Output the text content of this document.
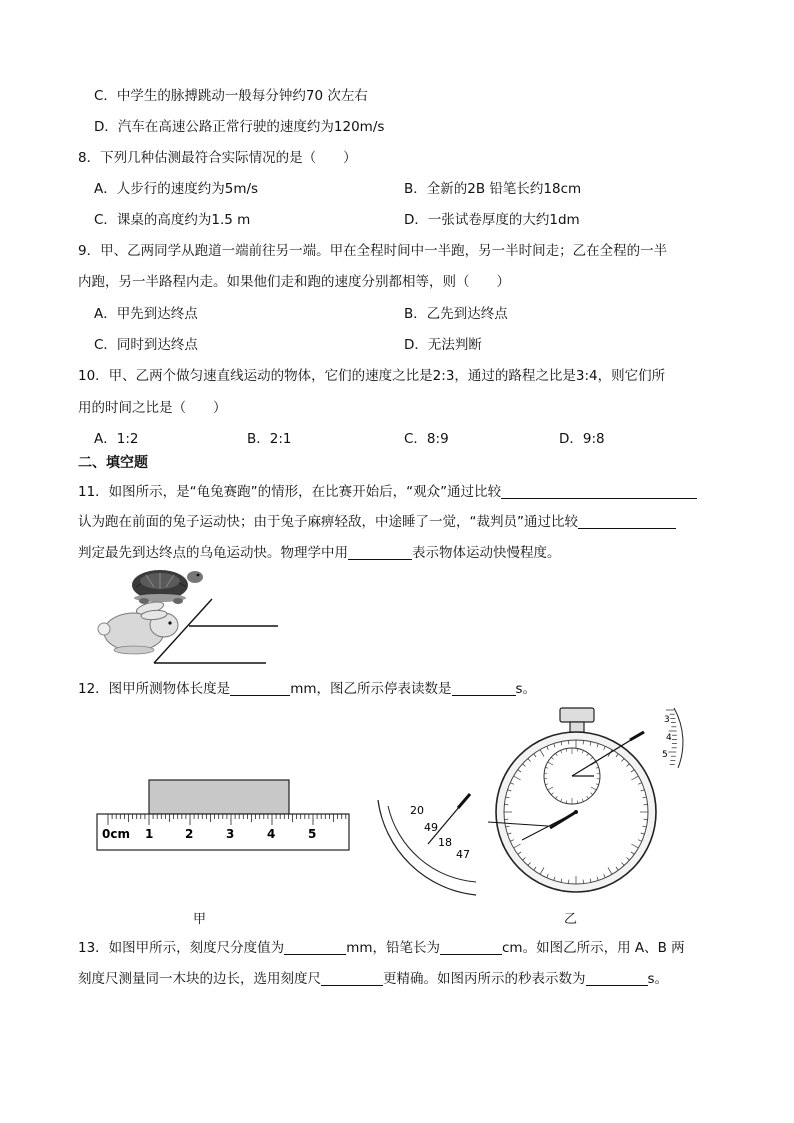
C．中学生的脉搏跳动一般每分钟约70 次左右
D．汽车在高速公路正常行驶的速度约为120m/s
8．下列几种估测最符合实际情况的是（　　）
A．人步行的速度约为5m/s	B．全新的2B 铅笔长约18cm
C．课桌的高度约为1.5 m	D．一张试卷厚度的大约1dm
9．甲、乙两同学从跑道一端前往另一端。甲在全程时间中一半跑，另一半时间走；乙在全程的一半
内跑，另一半路程内走。如果他们走和跑的速度分别都相等，则（　　）
A．甲先到达终点	B．乙先到达终点
C．同时到达终点	D．无法判断
10．甲、乙两个做匀速直线运动的物体，它们的速度之比是2:3，通过的路程之比是3:4，则它们所
用的时间之比是（　　）
A．1:2	B．2:1	C．8:9	D．9:8
二、填空题
11．如图所示，是“龟兔赛跑”的情形，在比赛开始后，“观众”通过比较
认为跑在前面的兔子运动快；由于兔子麻痹轻敌，中途睡了一觉，“裁判员”通过比较
判定最先到达终点的乌龟运动快。物理学中用	表示物体运动快慢程度。
12．图甲所测物体长度是	mm，图乙所示停表读数是	s。
0cm 1	2	3	4	5
20
49
18
47
3
4
5
甲	乙
13．如图甲所示，刻度尺分度值为	mm，铅笔长为	cm。如图乙所示，用 A、B 两
刻度尺测量同一木块的边长，选用刻度尺	更精确。如图丙所示的秒表示数为	s。
